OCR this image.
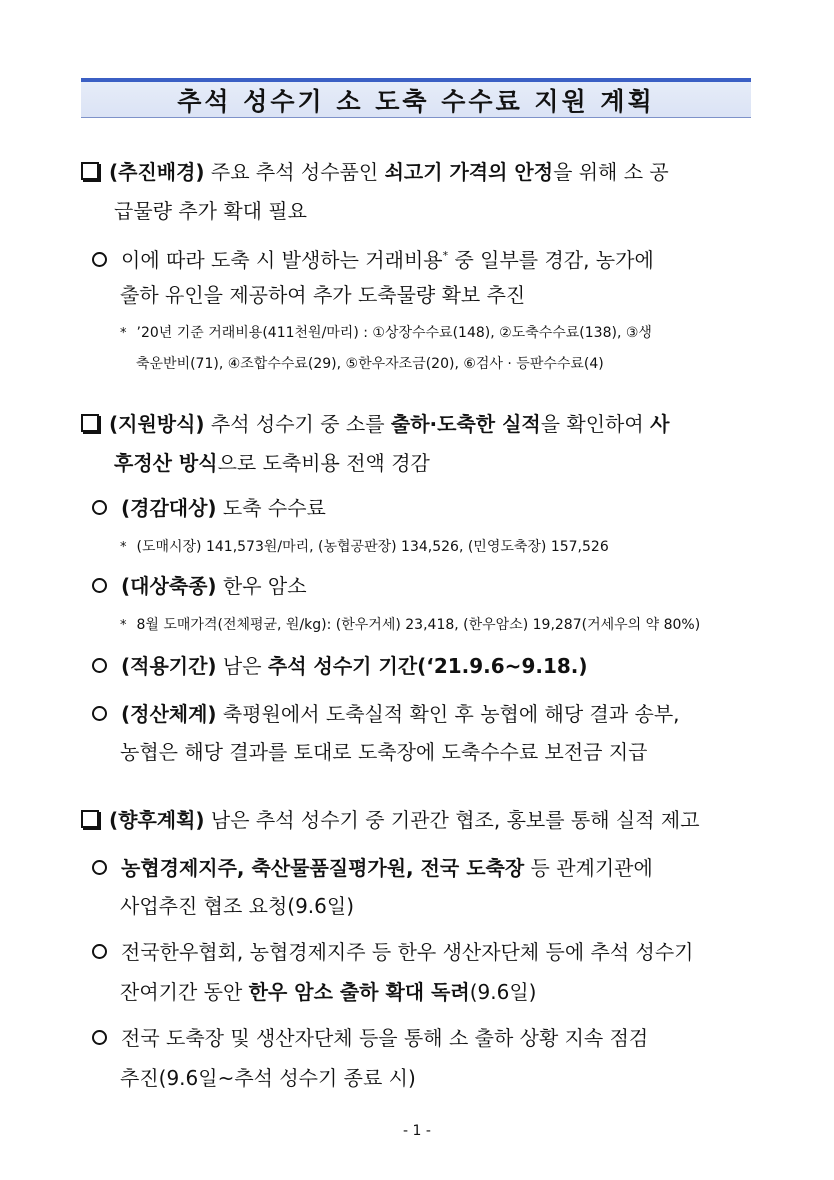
추석 성수기 소 도축 수수료 지원 계획
(추진배경) 주요 추석 성수품인 쇠고기 가격의 안정을 위해 소 공
급물량 추가 확대 필요
이에 따라 도축 시 발생하는 거래비용* 중 일부를 경감, 농가에
출하 유인을 제공하여 추가 도축물량 확보 추진
* ’20년 기준 거래비용(411천원/마리) : ①상장수수료(148), ②도축수수료(138), ③생
축운반비(71), ④조합수수료(29), ⑤한우자조금(20), ⑥검사 · 등판수수료(4)
(지원방식) 추석 성수기 중 소를 출하·도축한 실적을 확인하여 사
후정산 방식으로 도축비용 전액 경감
(경감대상) 도축 수수료
* (도매시장) 141,573원/마리, (농협공판장) 134,526, (민영도축장) 157,526
(대상축종) 한우 암소
* 8월 도매가격(전체평균, 원/kg): (한우거세) 23,418, (한우암소) 19,287(거세우의 약 80%)
(적용기간) 남은 추석 성수기 기간(‘21.9.6~9.18.)
(정산체계) 축평원에서 도축실적 확인 후 농협에 해당 결과 송부,
농협은 해당 결과를 토대로 도축장에 도축수수료 보전금 지급
(향후계획) 남은 추석 성수기 중 기관간 협조, 홍보를 통해 실적 제고
농협경제지주, 축산물품질평가원, 전국 도축장 등 관계기관에
사업추진 협조 요청(9.6일)
전국한우협회, 농협경제지주 등 한우 생산자단체 등에 추석 성수기
잔여기간 동안 한우 암소 출하 확대 독려(9.6일)
전국 도축장 및 생산자단체 등을 통해 소 출하 상황 지속 점검
추진(9.6일~추석 성수기 종료 시)
- 1 -
